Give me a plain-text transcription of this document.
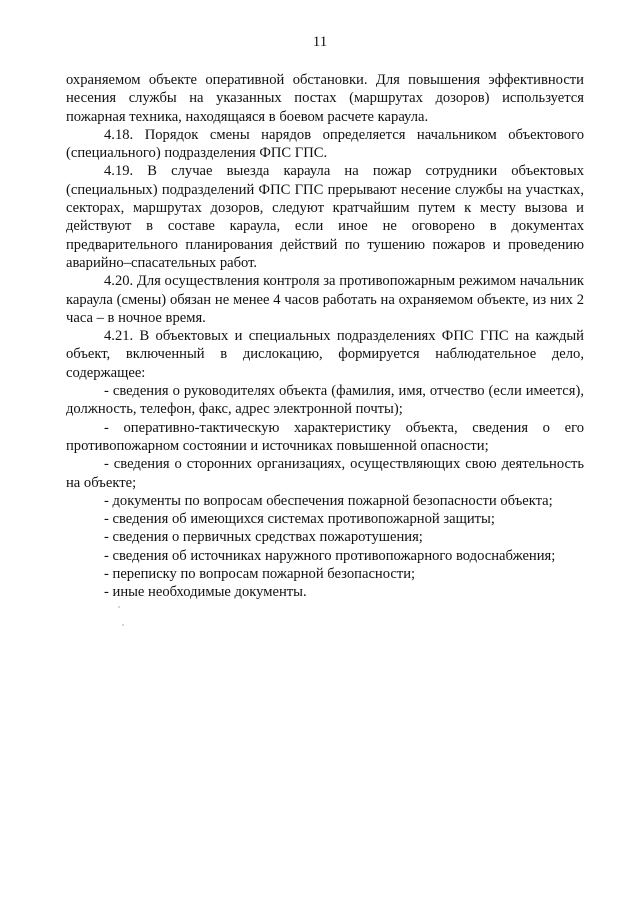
11

охраняемом объекте оперативной обстановки. Для повышения эффективности несения службы на указанных постах (маршрутах дозоров) используется пожарная техника, находящаяся в боевом расчете караула.

4.18. Порядок смены нарядов определяется начальником объектового (специального) подразделения ФПС ГПС.

4.19. В случае выезда караула на пожар сотрудники объектовых (специальных) подразделений ФПС ГПС прерывают несение службы на участках, секторах, маршрутах дозоров, следуют кратчайшим путем к месту вызова и действуют в составе караула, если иное не оговорено в документах предварительного планирования действий по тушению пожаров и проведению аварийно–спасательных работ.

4.20. Для осуществления контроля за противопожарным режимом начальник караула (смены) обязан не менее 4 часов работать на охраняемом объекте, из них 2 часа – в ночное время.

4.21. В объектовых и специальных подразделениях ФПС ГПС на каждый объект, включенный в дислокацию, формируется наблюдательное дело, содержащее:

- сведения о руководителях объекта (фамилия, имя, отчество (если имеется), должность, телефон, факс, адрес электронной почты);
- оперативно-тактическую характеристику объекта, сведения о его противопожарном состоянии и источниках повышенной опасности;
- сведения о сторонних организациях, осуществляющих свою деятельность на объекте;
- документы по вопросам обеспечения пожарной безопасности объекта;
- сведения об имеющихся системах противопожарной защиты;
- сведения о первичных средствах пожаротушения;
- сведения об источниках наружного противопожарного водоснабжения;
- переписку по вопросам пожарной безопасности;
- иные необходимые документы.
